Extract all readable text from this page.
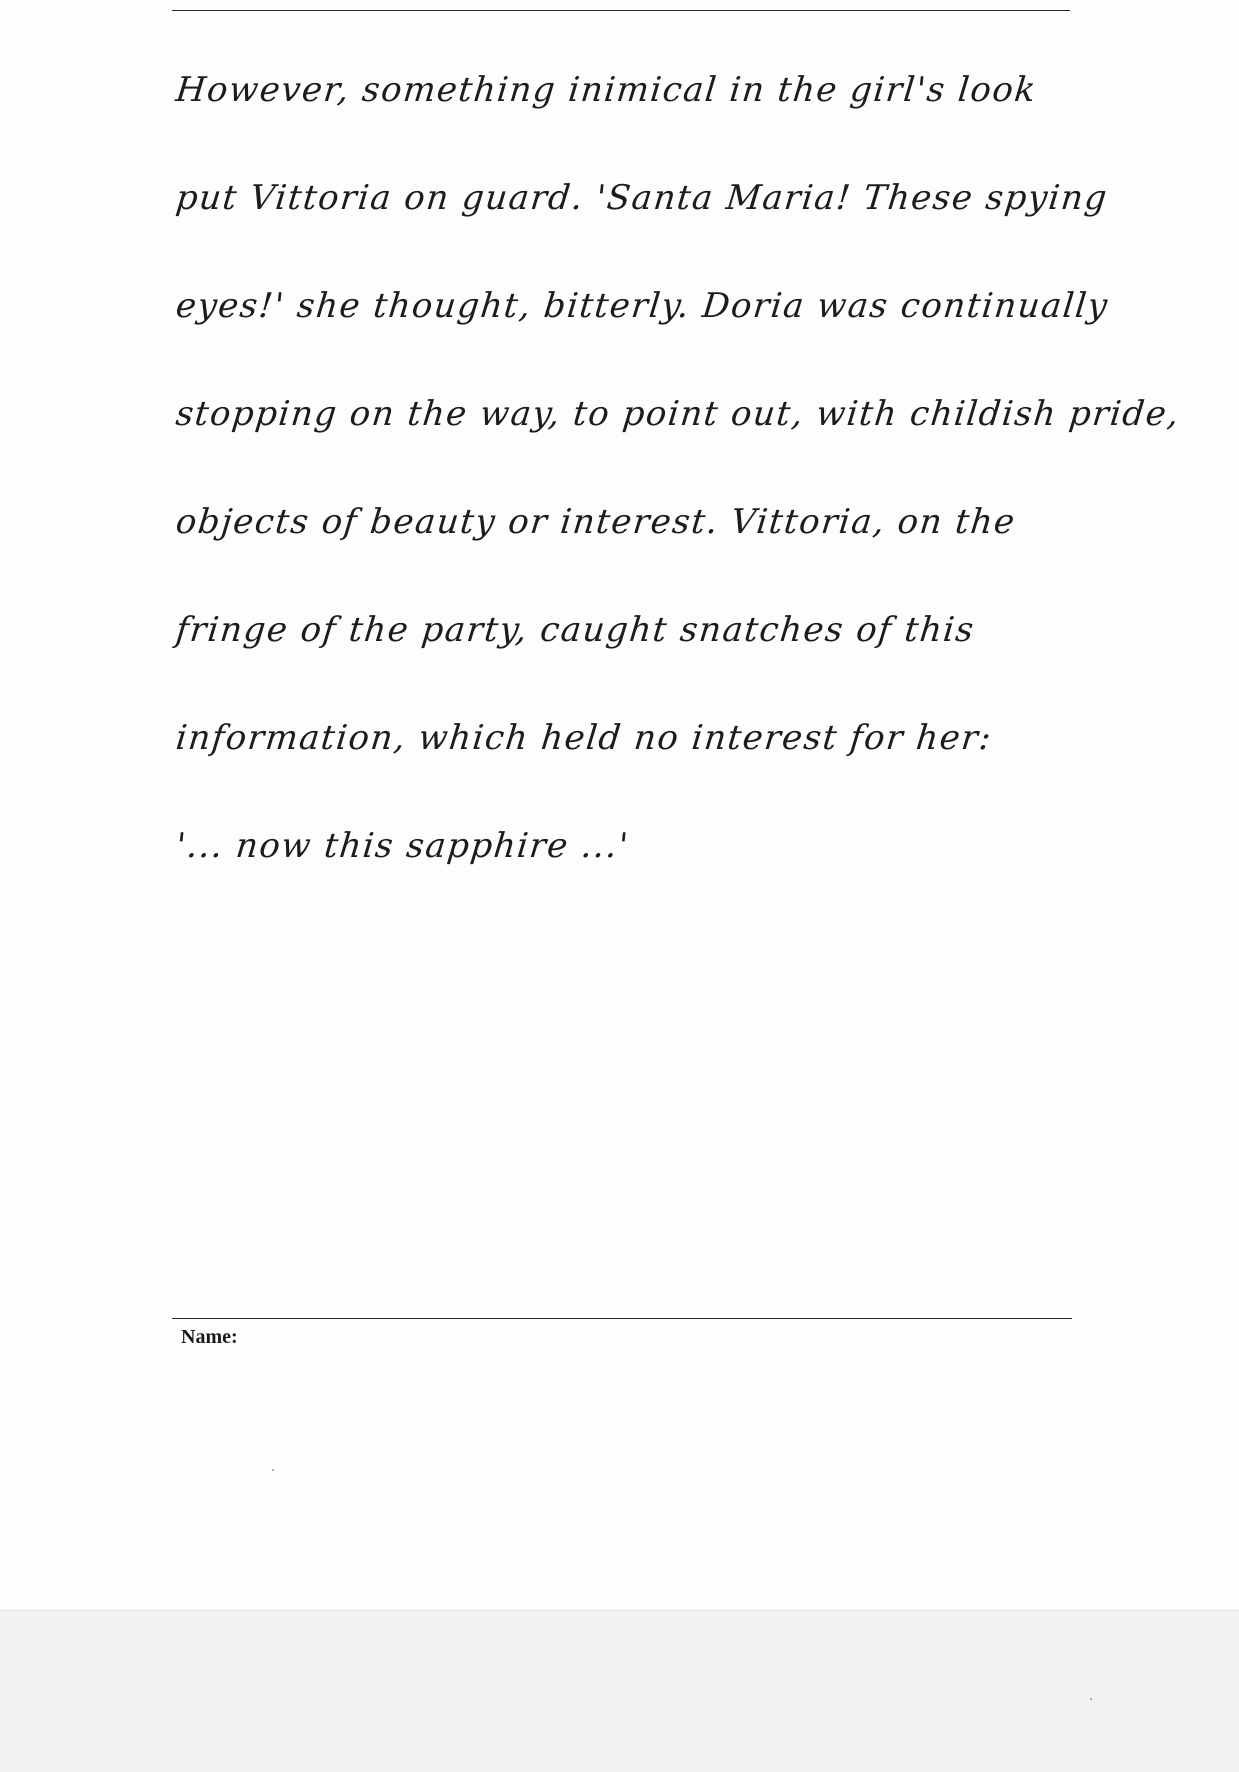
However, something inimical in the girl's look
put Vittoria on guard. 'Santa Maria! These spying
eyes!' she thought, bitterly. Doria was continually
stopping on the way, to point out, with childish pride,
objects of beauty or interest. Vittoria, on the
fringe of the party, caught snatches of this
information, which held no interest for her:
'... now this sapphire ...'
Name:
